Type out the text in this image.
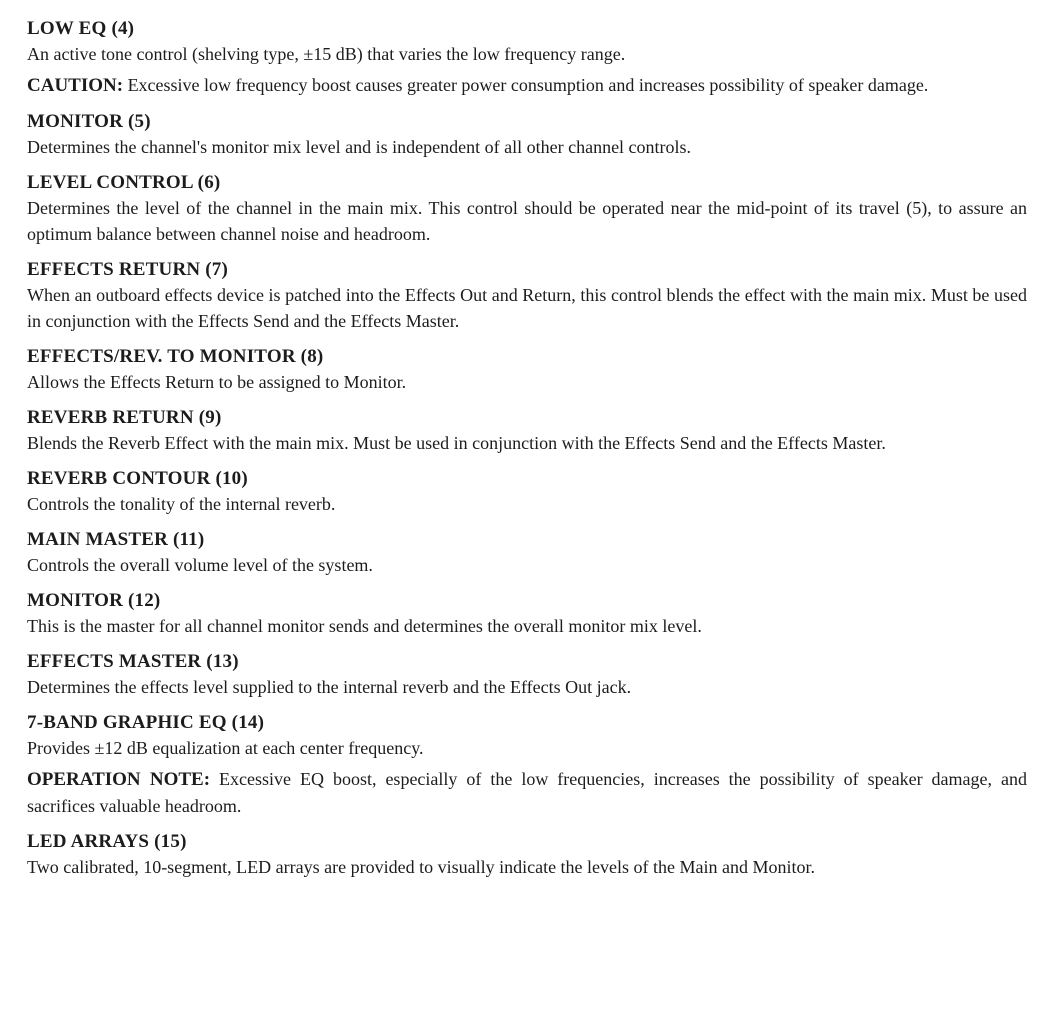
LOW EQ (4)

An active tone control (shelving type, ±15 dB) that varies the low frequency range.

CAUTION: Excessive low frequency boost causes greater power consumption and increases possibility of speaker damage.

MONITOR (5)

Determines the channel's monitor mix level and is independent of all other channel controls.

LEVEL CONTROL (6)

Determines the level of the channel in the main mix. This control should be operated near the mid-point of its travel (5), to assure an optimum balance between channel noise and headroom.

EFFECTS RETURN (7)

When an outboard effects device is patched into the Effects Out and Return, this control blends the effect with the main mix. Must be used in conjunction with the Effects Send and the Effects Master.

EFFECTS/REV. TO MONITOR (8)

Allows the Effects Return to be assigned to Monitor.

REVERB RETURN (9)

Blends the Reverb Effect with the main mix. Must be used in conjunction with the Effects Send and the Effects Master.

REVERB CONTOUR (10)

Controls the tonality of the internal reverb.

MAIN MASTER (11)

Controls the overall volume level of the system.

MONITOR (12)

This is the master for all channel monitor sends and determines the overall monitor mix level.

EFFECTS MASTER (13)

Determines the effects level supplied to the internal reverb and the Effects Out jack.

7-BAND GRAPHIC EQ (14)

Provides ±12 dB equalization at each center frequency.

OPERATION NOTE: Excessive EQ boost, especially of the low frequencies, increases the possibility of speaker damage, and sacrifices valuable headroom.

LED ARRAYS (15)

Two calibrated, 10-segment, LED arrays are provided to visually indicate the levels of the Main and Monitor.
